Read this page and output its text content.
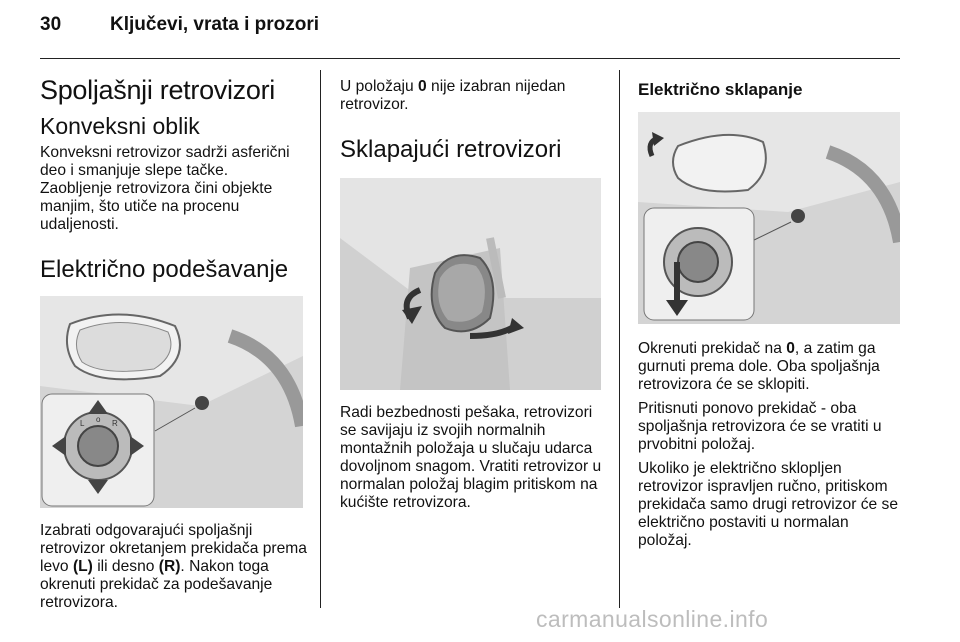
30	Ključevi, vrata i prozori
Spoljašnji retrovizori
Konveksni oblik

Konveksni retrovizor sadrži asferični deo i smanjuje slepe tačke.

Zaobljenje retrovizora čini objekte manjim, što utiče na procenu udaljenosti.

Električno podešavanje
L o R

Izabrati odgovarajući spoljašnji retrovizor okretanjem prekidača prema levo (L) ili desno (R). Nakon toga okrenuti prekidač za podešavanje retrovizora.

U položaju 0 nije izabran nijedan retrovizor.

Sklapajući retrovizori

Radi bezbednosti pešaka, retrovizori se savijaju iz svojih normalnih montažnih položaja u slučaju udarca dovoljnom snagom. Vratiti retrovizor u normalan položaj blagim pritiskom na kućište retrovizora.

Električno sklapanje

Okrenuti prekidač na 0, a zatim ga gurnuti prema dole. Oba spoljašnja retrovizora će se sklopiti.

Pritisnuti ponovo prekidač - oba spoljašnja retrovizora će se vratiti u prvobitni položaj.

Ukoliko je električno sklopljen retrovizor ispravljen ručno, pritiskom prekidača samo drugi retrovizor će se električno postaviti u normalan položaj.

carmanualsonline.info
